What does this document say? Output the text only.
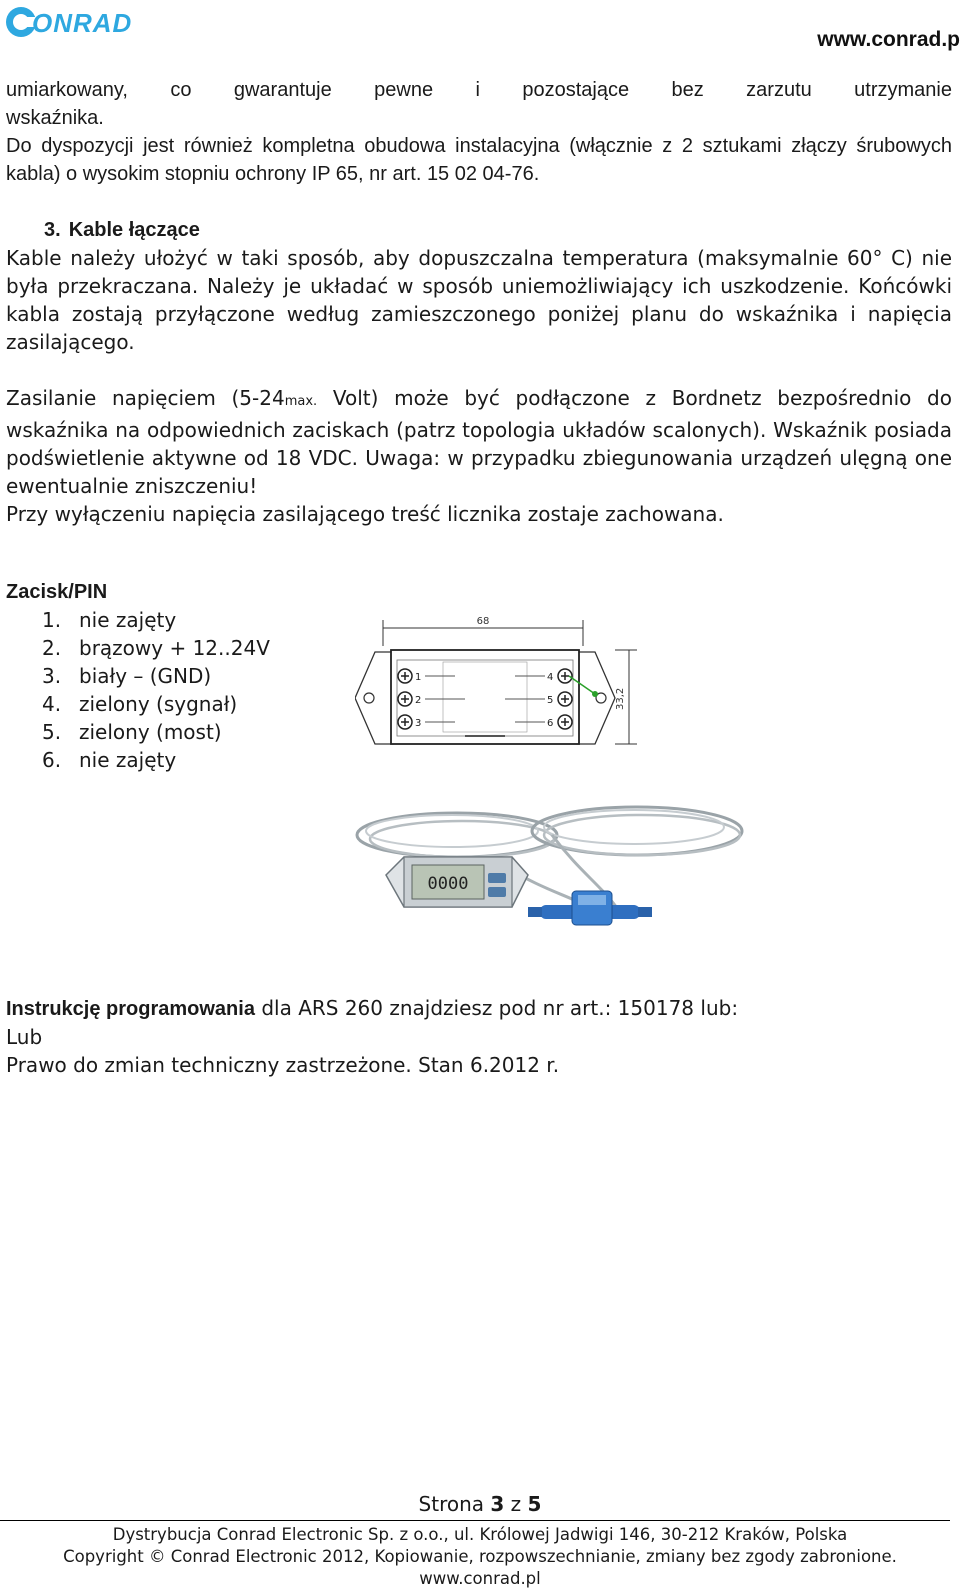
ONRAD
www.conrad.p

umiarkowany, co gwarantuje pewne i pozostające bez zarzutu utrzymanie

wskaźnika.

Do dyspozycji jest również kompletna obudowa instalacyjna (włącznie z 2 sztukami złączy śrubowych kabla) o wysokim stopniu ochrony IP 65, nr art. 15 02 04-76.

3. Kable łączące

Kable należy ułożyć w taki sposób, aby dopuszczalna temperatura (maksymalnie 60° C) nie była przekraczana. Należy je układać w sposób uniemożliwiający ich uszkodzenie. Końcówki kabla zostają przyłączone według zamieszczonego poniżej planu do wskaźnika i napięcia zasilającego.

Zasilanie napięciem (5-24max. Volt) może być podłączone z Bordnetz bezpośrednio do wskaźnika na odpowiednich zaciskach (patrz topologia układów scalonych). Wskaźnik posiada podświetlenie aktywne od 18 VDC. Uwaga: w przypadku zbiegunowania urządzeń ulęgną one ewentualnie zniszczeniu!

Przy wyłączeniu napięcia zasilającego treść licznika zostaje zachowana.

Zacisk/PIN

1. nie zajęty
2. brązowy + 12..24V
3. biały – (GND)
4. zielony (sygnał)
5. zielony (most)
6. nie zajęty
68
1
2
3
4
5
6
33,2
0000

Instrukcję programowania dla ARS 260 znajdziesz pod nr art.: 150178 lub:

Lub

Prawo do zmian techniczny zastrzeżone. Stan 6.2012 r.

Strona 3 z 5
Dystrybucja Conrad Electronic Sp. z o.o., ul. Królowej Jadwigi 146, 30-212 Kraków, Polska
Copyright © Conrad Electronic 2012, Kopiowanie, rozpowszechnianie, zmiany bez zgody zabronione.
www.conrad.pl
